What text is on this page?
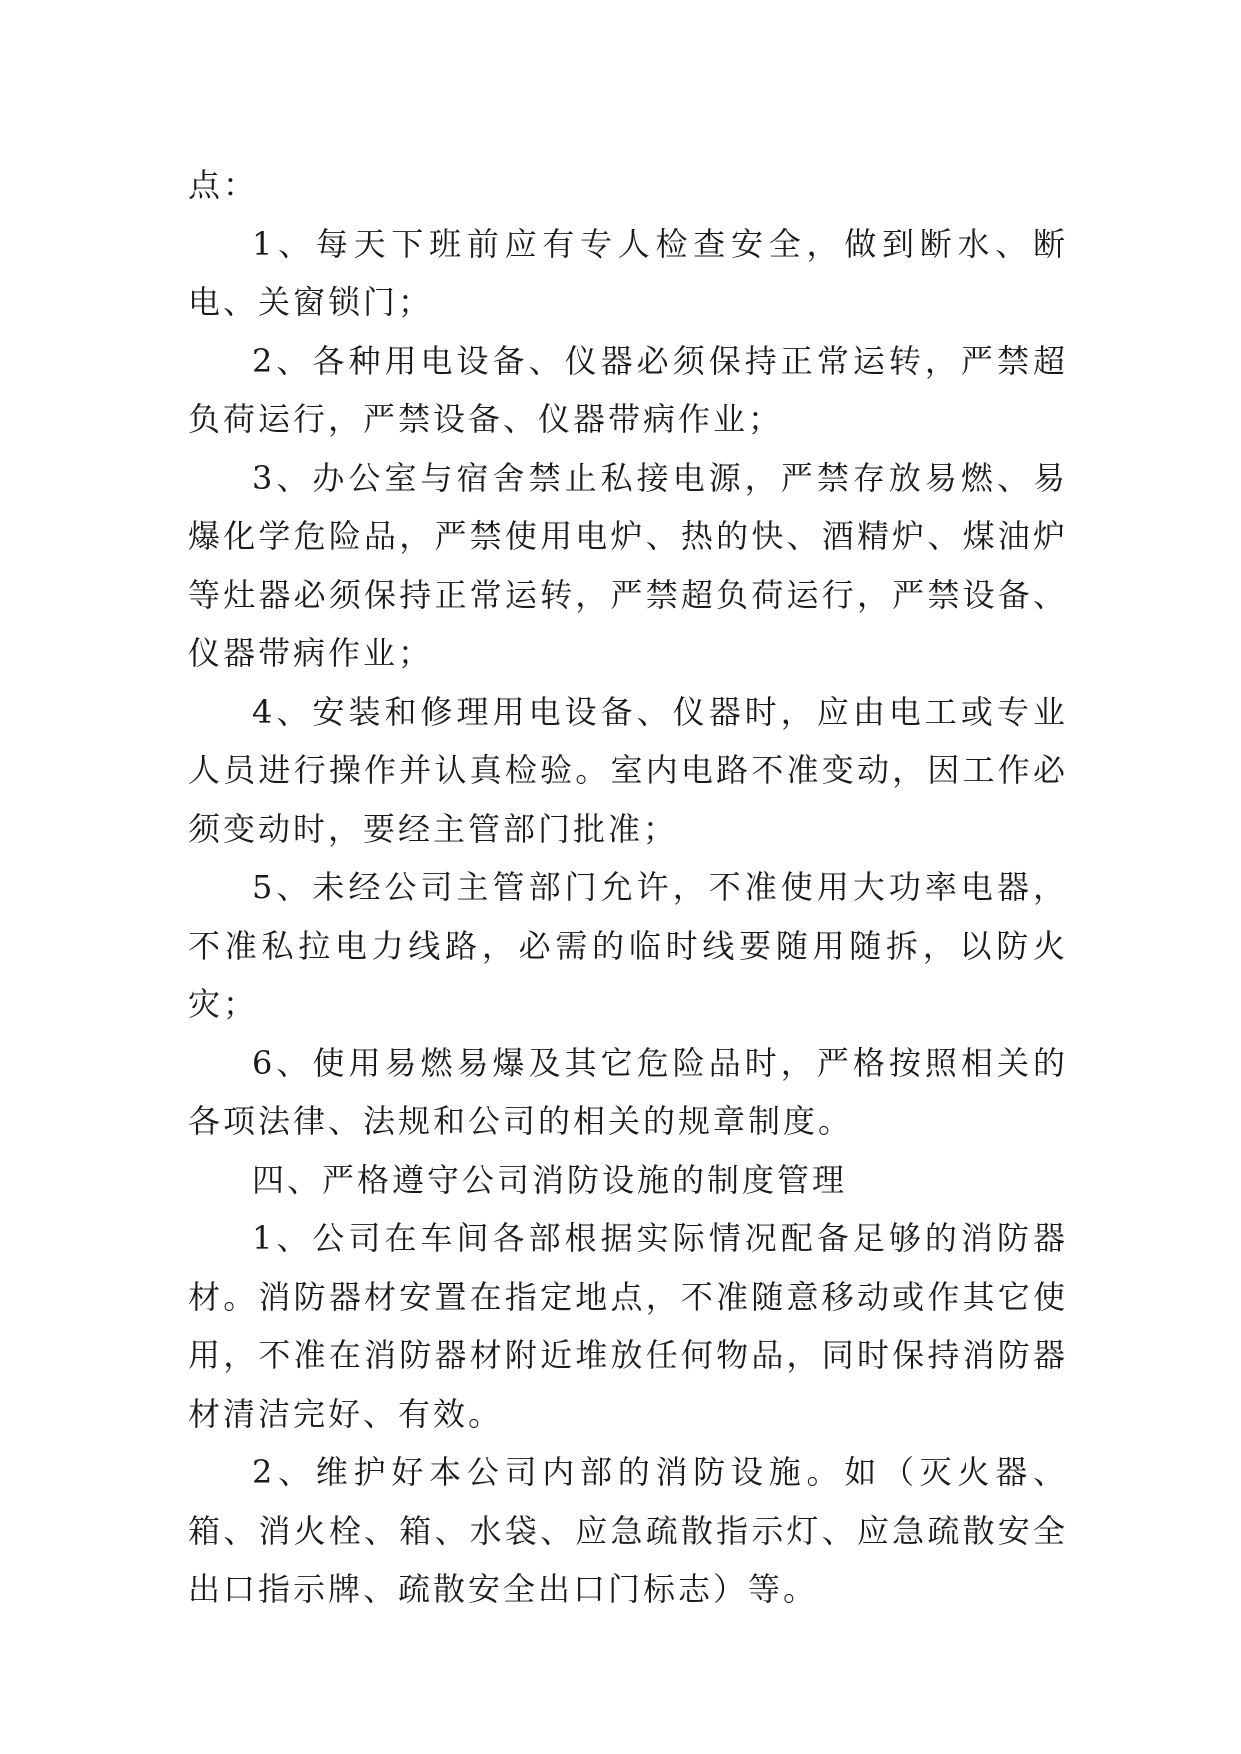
点：

1、每天下班前应有专人检查安全，做到断水、断电、关窗锁门；

2、各种用电设备、仪器必须保持正常运转，严禁超负荷运行，严禁设备、仪器带病作业；

3、办公室与宿舍禁止私接电源，严禁存放易燃、易爆化学危险品，严禁使用电炉、热的快、酒精炉、煤油炉等灶器必须保持正常运转，严禁超负荷运行，严禁设备、仪器带病作业；

4、安装和修理用电设备、仪器时，应由电工或专业人员进行操作并认真检验。室内电路不准变动，因工作必须变动时，要经主管部门批准；

5、未经公司主管部门允许，不准使用大功率电器，不准私拉电力线路，必需的临时线要随用随拆，以防火灾；

6、使用易燃易爆及其它危险品时，严格按照相关的各项法律、法规和公司的相关的规章制度。

四、严格遵守公司消防设施的制度管理

1、公司在车间各部根据实际情况配备足够的消防器材。消防器材安置在指定地点，不准随意移动或作其它使用，不准在消防器材附近堆放任何物品，同时保持消防器材清洁完好、有效。

2、维护好本公司内部的消防设施。如（灭火器、箱、消火栓、箱、水袋、应急疏散指示灯、应急疏散安全出口指示牌、疏散安全出口门标志）等。
